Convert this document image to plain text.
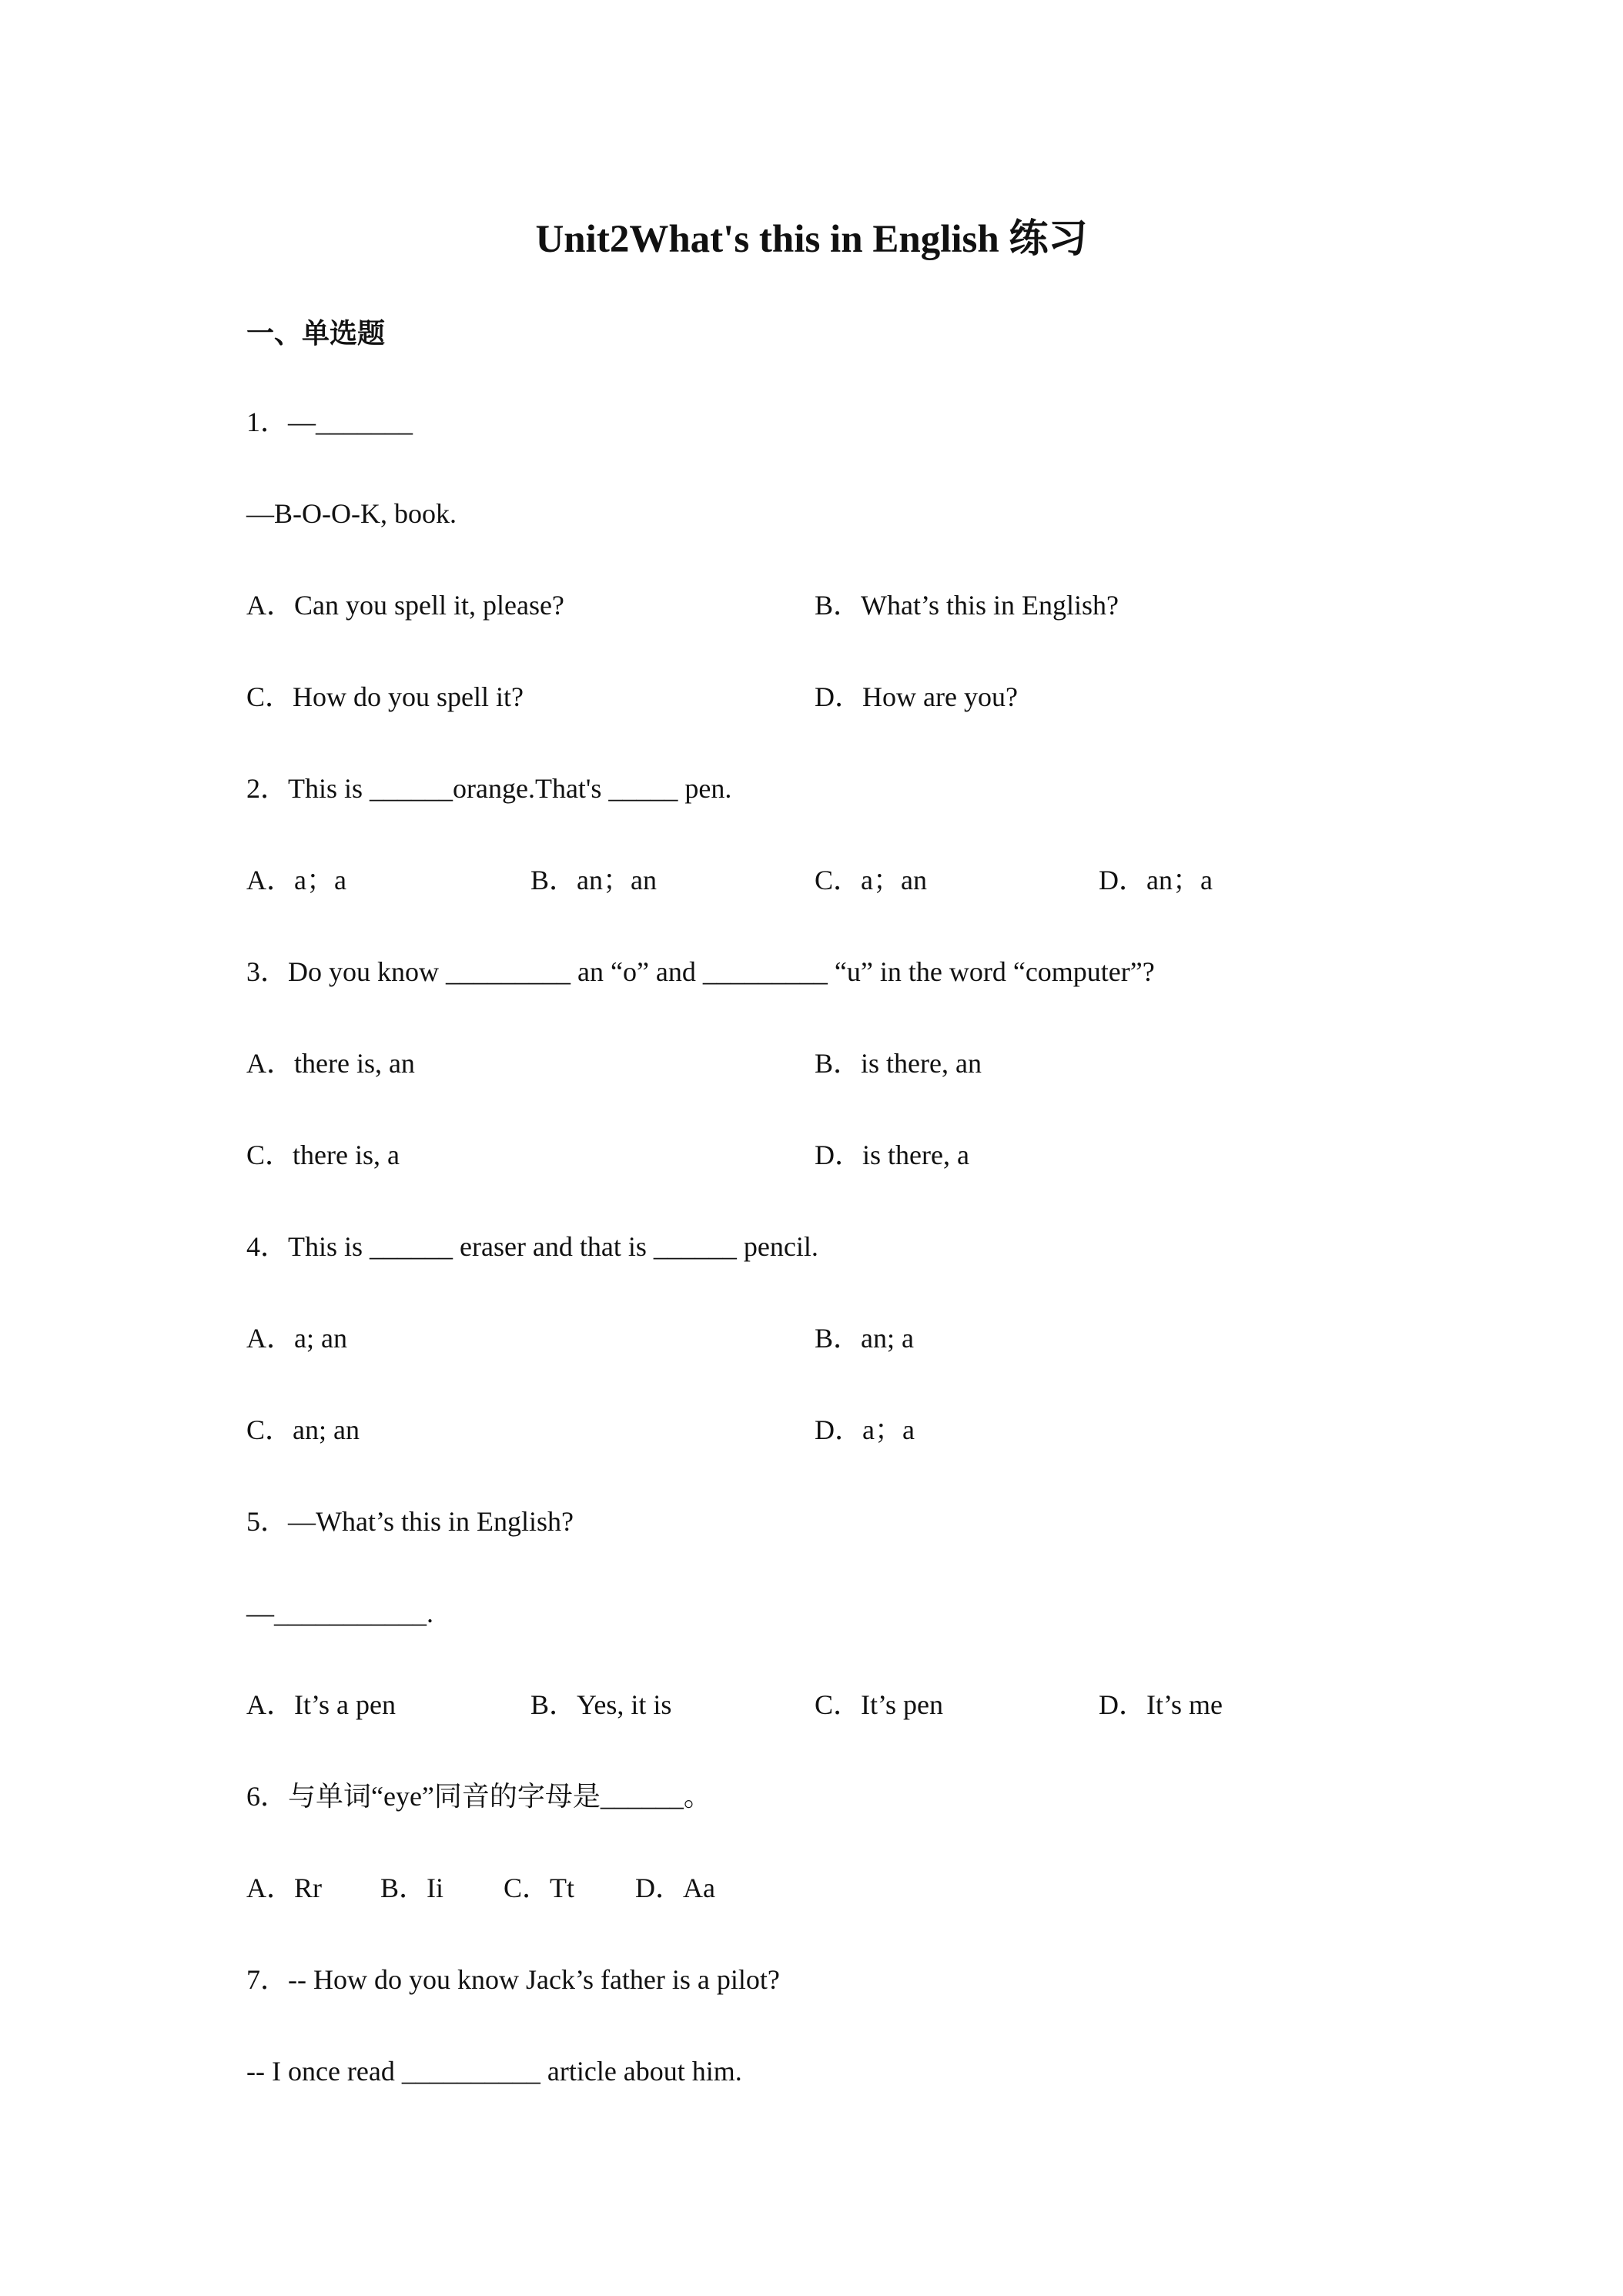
Unit2What's this in English 练习
一、单选题
1．—_______
—B-O-O-K, book.
A．Can you spell it, please?	B．What’s this in English?
C．How do you spell it?	D．How are you?
2．This is ______orange.That's _____ pen.
A．a；a	B．an；an	C．a；an	D．an；a
3．Do you know _________ an “o” and _________ “u” in the word “computer”?
A．there is, an	B．is there, an
C．there is, a	D．is there, a
4．This is ______ eraser and that is ______ pencil.
A．a; an	B．an; a
C．an; an	D．a；a
5．—What’s this in English?
—___________.
A．It’s a pen	B．Yes, it is	C．It’s pen	D．It’s me
6．与单词“eye”同音的字母是______。
A．Rr B．Ii C．Tt D．Aa
7．-- How do you know Jack’s father is a pilot?
-- I once read __________ article about him.
